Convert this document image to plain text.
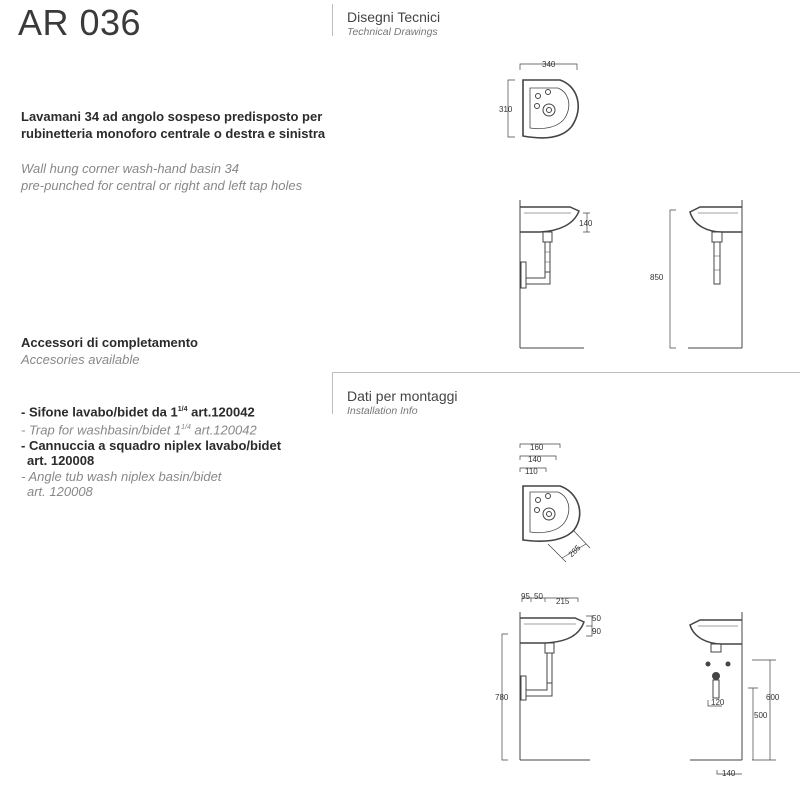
AR 036	Disegni Tecnici
Technical Drawings
Lavamani 34 ad angolo sospeso predisposto per
rubinetteria monoforo centrale o destra e sinistra
Wall hung corner wash-hand basin 34
pre-punched for central or right and left tap holes
Accessori di completamento
Accesories available
- Sifone lavabo/bidet da $1^{1/4}$ art.120042
- Trap for washbasin/bidet $1^{1/4}$ art.120042
- Cannuccia a squadro niplex lavabo/bidet
art. 120008
- Angle tub wash niplex basin/bidet
art. 120008
Dati per montaggi
Installation Info
340
310
140
850
160
140
110
285
95 50
215
50
90
780
120
600
500
140
